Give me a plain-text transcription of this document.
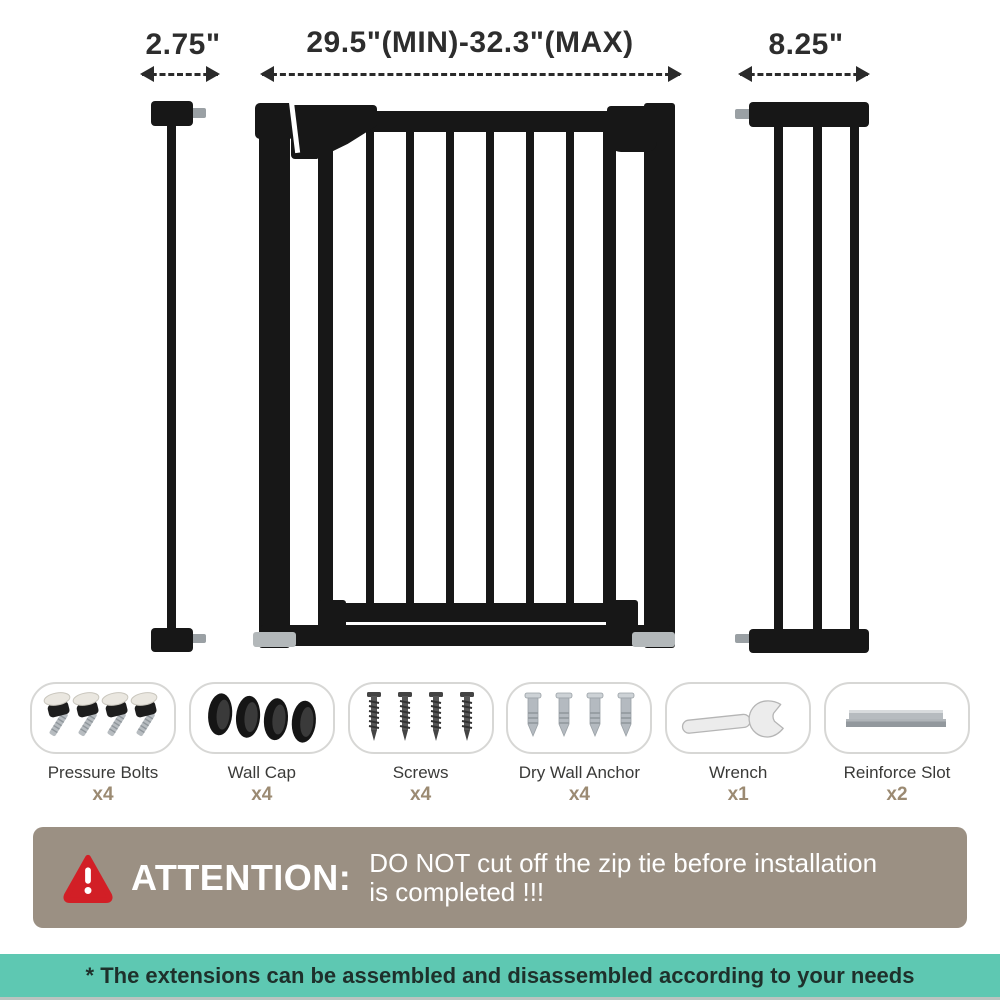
2.75"	29.5"(MIN)-32.3"(MAX)	8.25"
Pressure Bolts
x4
Wall Cap
x4
Screws
x4
Dry Wall Anchor
x4
Wrench
x1
Reinforce Slot
x2
ATTENTION: DO NOT cut off the zip tie before installation
is completed !!!
* The extensions can be assembled and disassembled according to your needs
